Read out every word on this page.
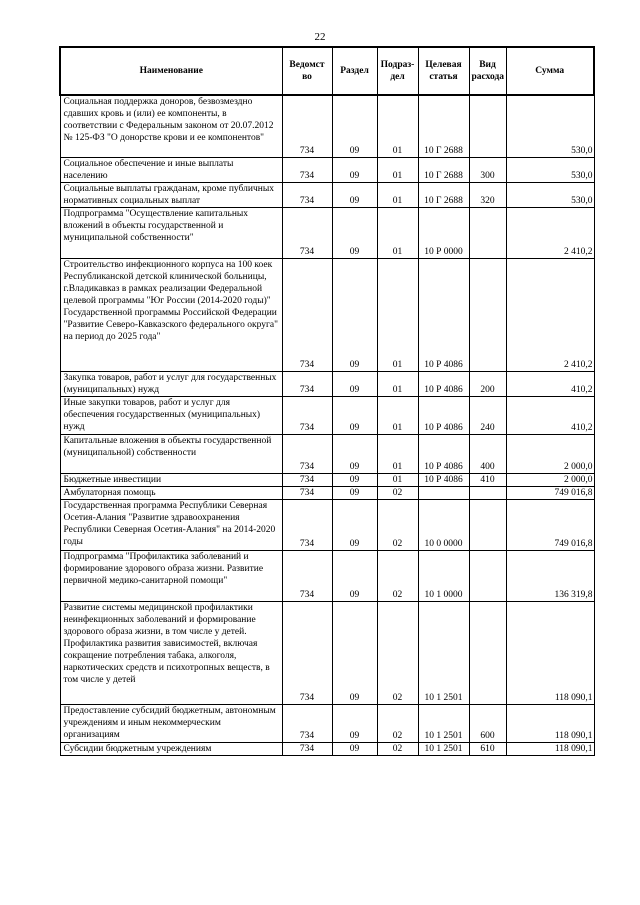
22
Наименование	Ведомст во	Раздел	Подраз- дел	Целевая статья	Вид расхода	Сумма
Социальная поддержка доноров, безвозмездно сдавших кровь и (или) ее компоненты, в соответствии с Федеральным законом от 20.07.2012 № 125-ФЗ "О донорстве крови и ее компонентов"	734	09	01	10 Г 2688		530,0
Социальное обеспечение и иные выплаты населению	734	09	01	10 Г 2688	300	530,0
Социальные выплаты гражданам, кроме публичных нормативных социальных выплат	734	09	01	10 Г 2688	320	530,0
Подпрограмма "Осуществление капитальных вложений в объекты государственной и муниципальной собственности"	734	09	01	10 Р 0000		2 410,2
Строительство инфекционного корпуса на 100 коек Республиканской детской клинической больницы, г.Владикавказ в рамках реализации Федеральной целевой программы "Юг России (2014-2020 годы)" Государственной программы Российской Федерации "Развитие Северо-Кавказского федерального округа" на период до 2025 года"	734	09	01	10 Р 4086		2 410,2
Закупка товаров, работ и услуг для государственных (муниципальных) нужд	734	09	01	10 Р 4086	200	410,2
Иные закупки товаров, работ и услуг для обеспечения государственных (муниципальных) нужд	734	09	01	10 Р 4086	240	410,2
Капитальные вложения в объекты государственной (муниципальной) собственности	734	09	01	10 Р 4086	400	2 000,0
Бюджетные инвестиции	734	09	01	10 Р 4086	410	2 000,0
Амбулаторная помощь	734	09	02			749 016,8
Государственная программа Республики Северная Осетия-Алания "Развитие здравоохранения Республики Северная Осетия-Алания" на 2014-2020 годы	734	09	02	10 0 0000		749 016,8
Подпрограмма "Профилактика заболеваний и формирование здорового образа жизни. Развитие первичной медико-санитарной помощи"	734	09	02	10 1 0000		136 319,8
Развитие системы медицинской профилактики неинфекционных заболеваний и формирование здорового образа жизни, в том числе у детей. Профилактика развития зависимостей, включая сокращение потребления табака, алкоголя, наркотических средств и психотропных веществ, в том числе у детей	734	09	02	10 1 2501		118 090,1
Предоставление субсидий бюджетным, автономным учреждениям и иным некоммерческим организациям	734	09	02	10 1 2501	600	118 090,1
Субсидии бюджетным учреждениям	734	09	02	10 1 2501	610	118 090,1
